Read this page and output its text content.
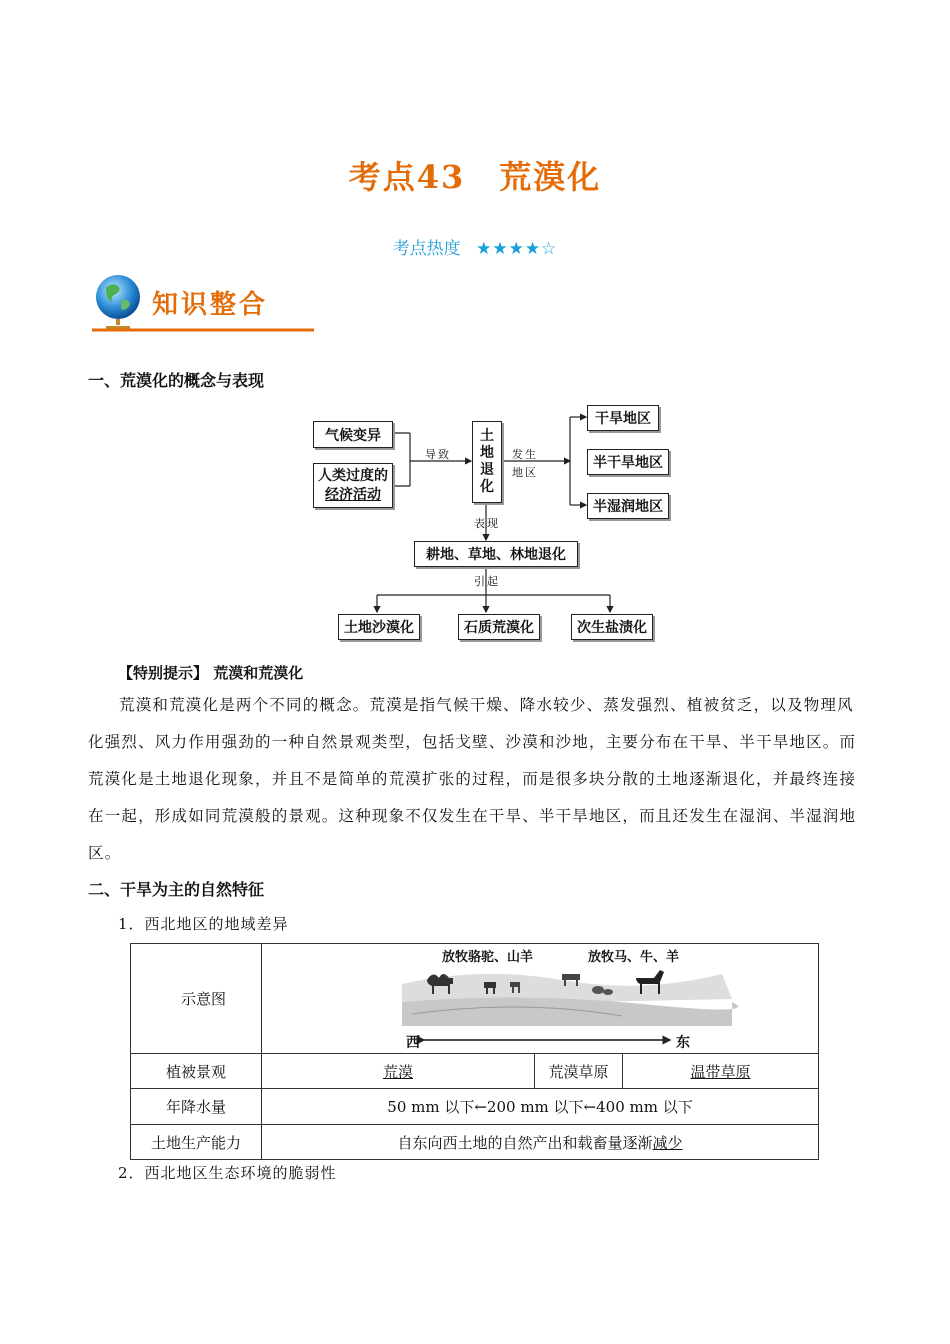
考点43　荒漠化
考点热度 ★★★★☆
知识整合
一、荒漠化的概念与表现
气候变异
人类过度的
经济活动
导致
土
地
退
化
发生
地区
干旱地区
半干旱地区
半湿润地区
表现
耕地、草地、林地退化
引起
土地沙漠化	石质荒漠化	次生盐渍化
【特别提示】 荒漠和荒漠化
荒漠和荒漠化是两个不同的概念。荒漠是指气候干燥、降水较少、蒸发强烈、植被贫乏，以及物理风
化强烈、风力作用强劲的一种自然景观类型，包括戈壁、沙漠和沙地，主要分布在干旱、半干旱地区。而
荒漠化是土地退化现象，并且不是简单的荒漠扩张的过程，而是很多块分散的土地逐渐退化，并最终连接
在一起，形成如同荒漠般的景观。这种现象不仅发生在干旱、半干旱地区，而且还发生在湿润、半湿润地
区。
二、干旱为主的自然特征
1．西北地区的地域差异
示意图	放牧骆驼、山羊 放牧马、牛、羊
西 东		

植被景观	荒漠	荒漠草原	温带草原
年降水量	50 mm 以下←200 mm 以下←400 mm 以下		
土地生产能力	自东向西土地的自然产出和载畜量逐渐减少		
2．西北地区生态环境的脆弱性
